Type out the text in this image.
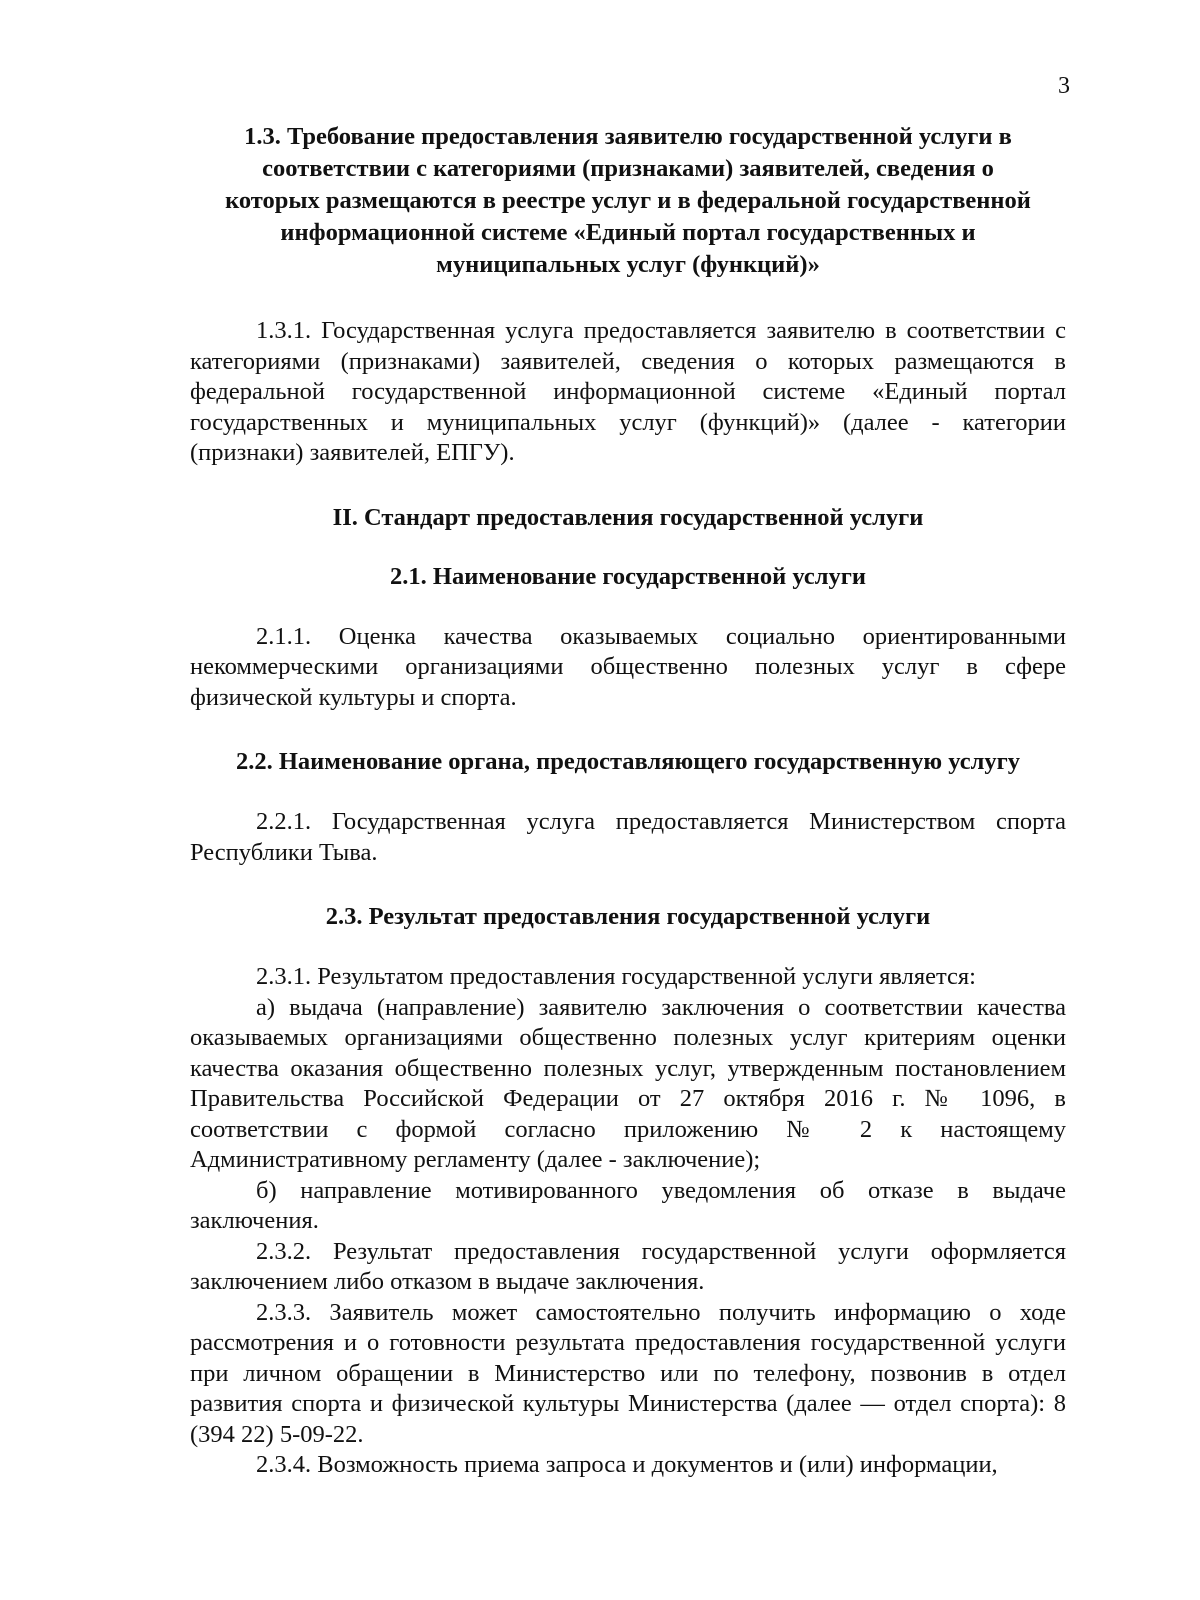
3
1.3. Требование предоставления заявителю государственной услуги в
соответствии с категориями (признаками) заявителей, сведения о
которых размещаются в реестре услуг и в федеральной государственной
информационной системе «Единый портал государственных и
муниципальных услуг (функций)»

1.3.1. Государственная услуга предоставляется заявителю в соответствии с категориями (признаками) заявителей, сведения о которых размещаются в федеральной государственной информационной системе «Единый портал государственных и муниципальных услуг (функций)» (далее - категории (признаки) заявителей, ЕПГУ).

II. Стандарт предоставления государственной услуги
2.1. Наименование государственной услуги

2.1.1. Оценка качества оказываемых социально ориентированными некоммерческими организациями общественно полезных услуг в сфере физической культуры и спорта.

2.2. Наименование органа, предоставляющего государственную услугу

2.2.1. Государственная услуга предоставляется Министерством спорта Республики Тыва.

2.3. Результат предоставления государственной услуги

2.3.1. Результатом предоставления государственной услуги является:

а) выдача (направление) заявителю заключения о соответствии качества оказываемых организациями общественно полезных услуг критериям оценки качества оказания общественно полезных услуг, утвержденным постановлением Правительства Российской Федерации от 27 октября 2016 г. № 1096, в соответствии с формой согласно приложению № 2 к настоящему Административному регламенту (далее - заключение);

б) направление мотивированного уведомления об отказе в выдаче заключения.

2.3.2. Результат предоставления государственной услуги оформляется заключением либо отказом в выдаче заключения.

2.3.3. Заявитель может самостоятельно получить информацию о ходе рассмотрения и о готовности результата предоставления государственной услуги при личном обращении в Министерство или по телефону, позвонив в отдел развития спорта и физической культуры Министерства (далее — отдел спорта): 8 (394 22) 5-09-22.

2.3.4. Возможность приема запроса и документов и (или) информации,
